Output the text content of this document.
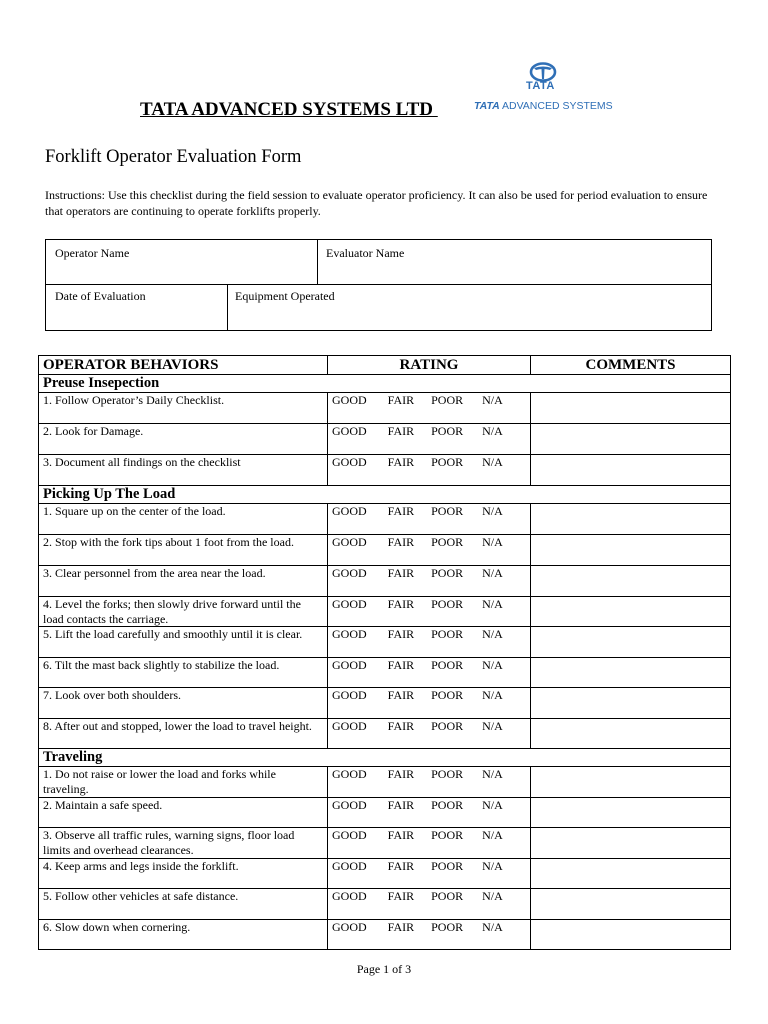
TATA ADVANCED SYSTEMS LTD
TATA
TATA ADVANCED SYSTEMS
Forklift Operator Evaluation Form
Instructions: Use this checklist during the field session to evaluate operator proficiency. It can also be used for period evaluation to ensure that operators are continuing to operate forklifts properly.
Operator Name	Evaluator Name
Date of Evaluation	Equipment Operated
OPERATOR BEHAVIORS	RATING	COMMENTS
Preuse Insepection		
1. Follow Operator’s Daily Checklist.	GOOD FAIR POOR N/A	
2. Look for Damage.	GOOD FAIR POOR N/A	
3. Document all findings on the checklist	GOOD FAIR POOR N/A	
Picking Up The Load		
1. Square up on the center of the load.	GOOD FAIR POOR N/A	
2. Stop with the fork tips about 1 foot from the load.	GOOD FAIR POOR N/A	
3. Clear personnel from the area near the load.	GOOD FAIR POOR N/A	
4. Level the forks; then slowly drive forward until the load contacts the carriage.	GOOD FAIR POOR N/A	
5. Lift the load carefully and smoothly until it is clear.	GOOD FAIR POOR N/A	
6. Tilt the mast back slightly to stabilize the load.	GOOD FAIR POOR N/A	
7. Look over both shoulders.	GOOD FAIR POOR N/A	
8. After out and stopped, lower the load to travel height.	GOOD FAIR POOR N/A	
Traveling		
1. Do not raise or lower the load and forks while traveling.	GOOD FAIR POOR N/A	
2. Maintain a safe speed.	GOOD FAIR POOR N/A	
3. Observe all traffic rules, warning signs, floor load limits and overhead clearances.	GOOD FAIR POOR N/A	
4. Keep arms and legs inside the forklift.	GOOD FAIR POOR N/A	
5. Follow other vehicles at safe distance.	GOOD FAIR POOR N/A	
6. Slow down when cornering.	GOOD FAIR POOR N/A	
Page 1 of 3
